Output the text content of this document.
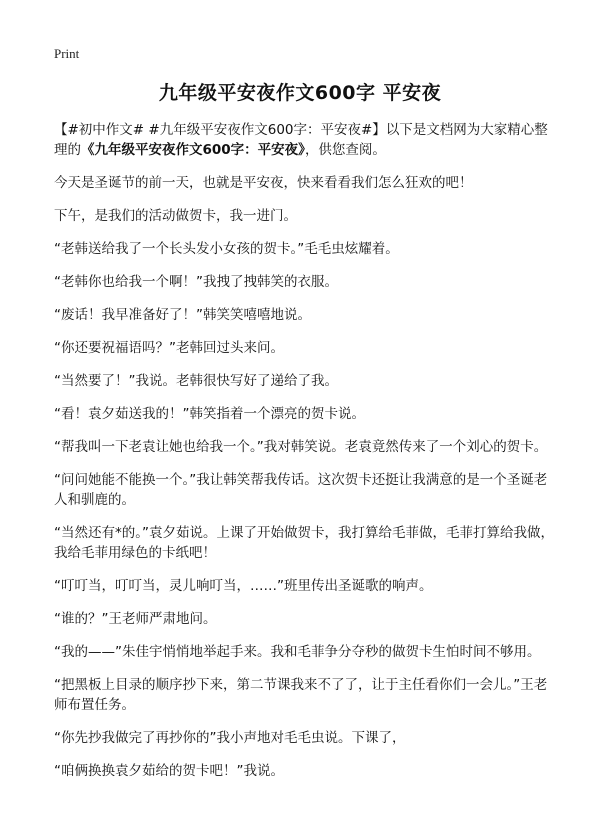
Print
九年级平安夜作文600字 平安夜

【#初中作文# #九年级平安夜作文600字：平安夜#】以下是文档网为大家精心整理的《九年级平安夜作文600字：平安夜》，供您查阅。

今天是圣诞节的前一天，也就是平安夜，快来看看我们怎么狂欢的吧！

下午，是我们的活动做贺卡，我一进门。

“老韩送给我了一个长头发小女孩的贺卡。”毛毛虫炫耀着。

“老韩你也给我一个啊！”我拽了拽韩笑的衣服。

“废话！我早准备好了！”韩笑笑嘻嘻地说。

“你还要祝福语吗？”老韩回过头来问。

“当然要了！”我说。老韩很快写好了递给了我。

“看！袁夕茹送我的！”韩笑指着一个漂亮的贺卡说。

“帮我叫一下老袁让她也给我一个。”我对韩笑说。老袁竟然传来了一个刘心的贺卡。

“问问她能不能换一个。”我让韩笑帮我传话。这次贺卡还挺让我满意的是一个圣诞老人和驯鹿的。

“当然还有*的。”袁夕茹说。上课了开始做贺卡，我打算给毛菲做，毛菲打算给我做，我给毛菲用绿色的卡纸吧！

“叮叮当，叮叮当，灵儿响叮当，……”班里传出圣诞歌的响声。

“谁的？”王老师严肃地问。

“我的——”朱佳宇悄悄地举起手来。我和毛菲争分夺秒的做贺卡生怕时间不够用。

“把黑板上目录的顺序抄下来，第二节课我来不了了，让于主任看你们一会儿。”王老师布置任务。

“你先抄我做完了再抄你的”我小声地对毛毛虫说。下课了，

“咱俩换换袁夕茹给的贺卡吧！”我说。
